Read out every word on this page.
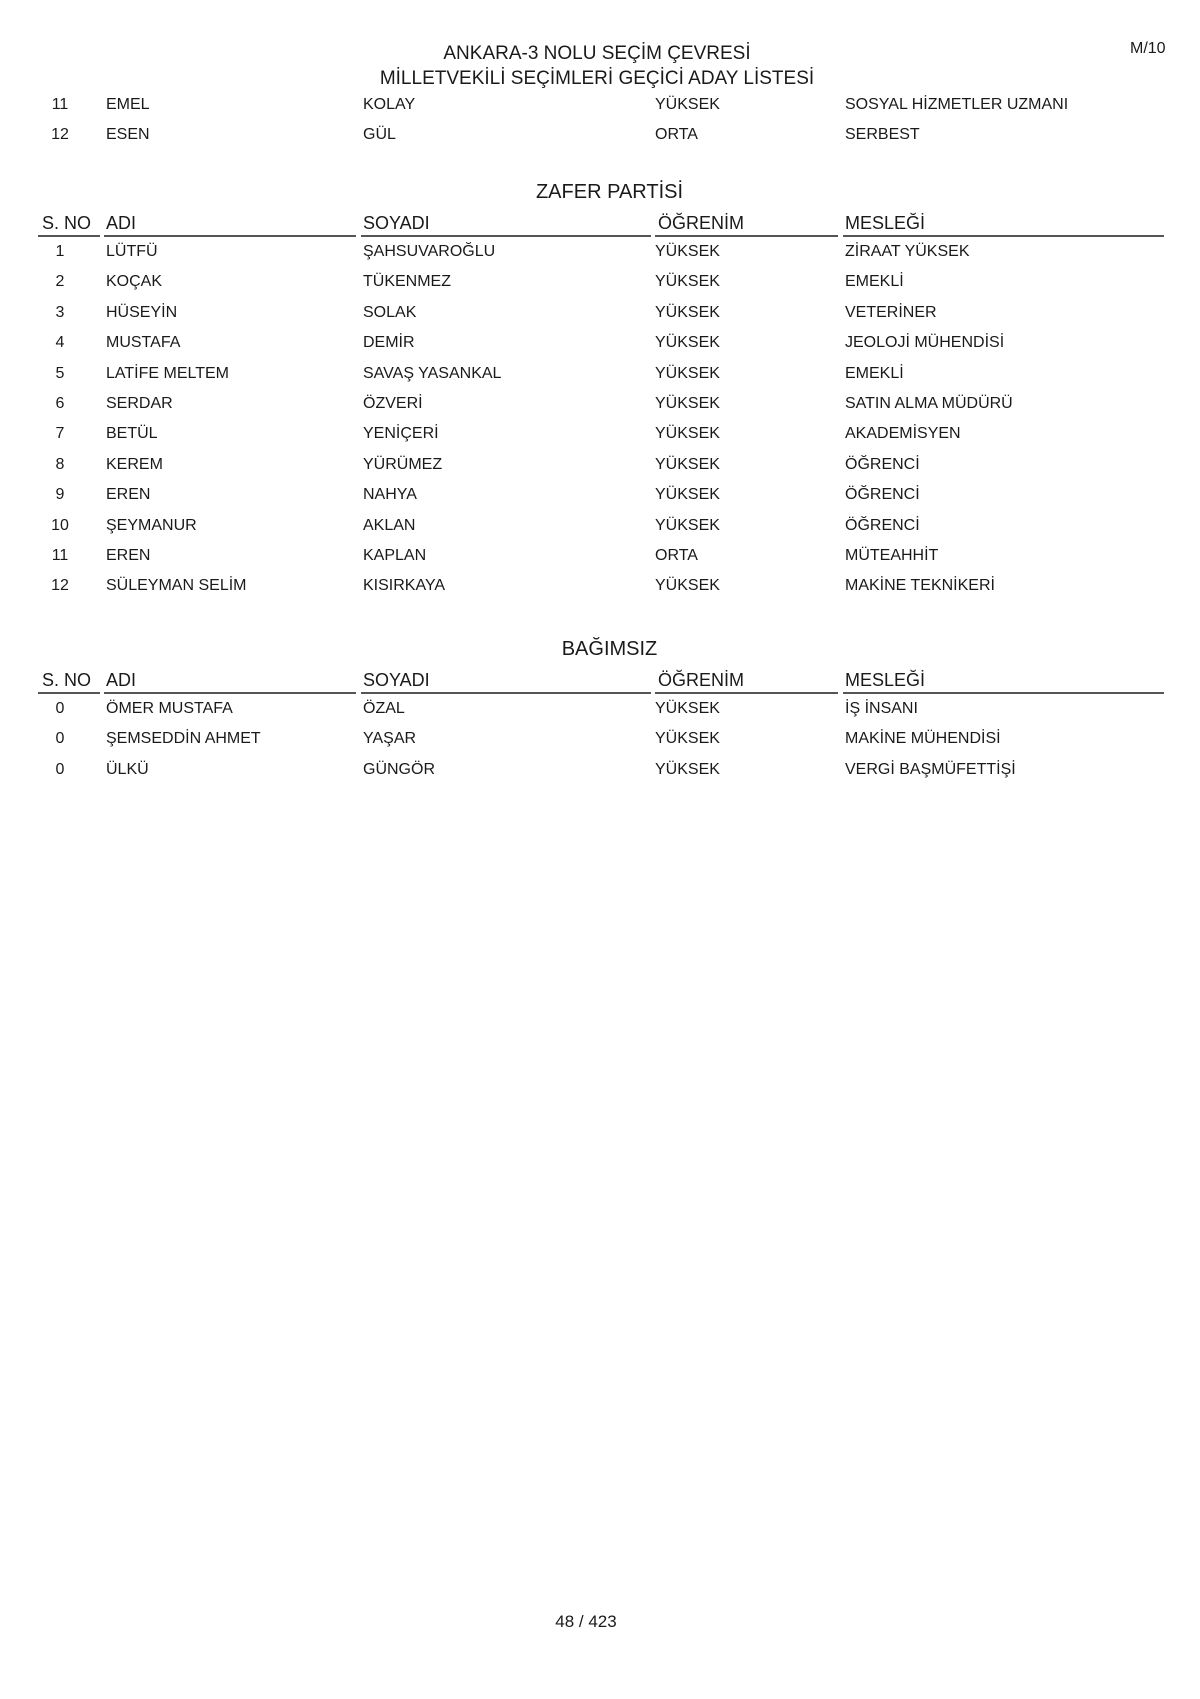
M/10
ANKARA-3 NOLU SEÇİM ÇEVRESİ
MİLLETVEKİLİ SEÇİMLERİ GEÇİCİ ADAY LİSTESİ
11	EMEL	KOLAY	YÜKSEK	SOSYAL HİZMETLER UZMANI
12	ESEN	GÜL	ORTA	SERBEST
ZAFER PARTİSİ
S. NO ADI	SOYADI	ÖĞRENİM	MESLEĞİ
1	LÜTFÜ	ŞAHSUVAROĞLU	YÜKSEK	ZİRAAT YÜKSEK
2	KOÇAK	TÜKENMEZ	YÜKSEK	EMEKLİ
3	HÜSEYİN	SOLAK	YÜKSEK	VETERİNER
4	MUSTAFA	DEMİR	YÜKSEK	JEOLOJİ MÜHENDİSİ
5	LATİFE MELTEM	SAVAŞ YASANKAL	YÜKSEK	EMEKLİ
6	SERDAR	ÖZVERİ	YÜKSEK	SATIN ALMA MÜDÜRÜ
7	BETÜL	YENİÇERİ	YÜKSEK	AKADEMİSYEN
8	KEREM	YÜRÜMEZ	YÜKSEK	ÖĞRENCİ
9	EREN	NAHYA	YÜKSEK	ÖĞRENCİ
10	ŞEYMANUR	AKLAN	YÜKSEK	ÖĞRENCİ
11	EREN	KAPLAN	ORTA	MÜTEAHHİT
12	SÜLEYMAN SELİM	KISIRKAYA	YÜKSEK	MAKİNE TEKNİKERİ
BAĞIMSIZ
S. NO ADI	SOYADI	ÖĞRENİM	MESLEĞİ
0	ÖMER MUSTAFA	ÖZAL	YÜKSEK	İŞ İNSANI
0	ŞEMSEDDİN AHMET	YAŞAR	YÜKSEK	MAKİNE MÜHENDİSİ
0	ÜLKÜ	GÜNGÖR	YÜKSEK	VERGİ BAŞMÜFETTİŞİ
48 / 423
